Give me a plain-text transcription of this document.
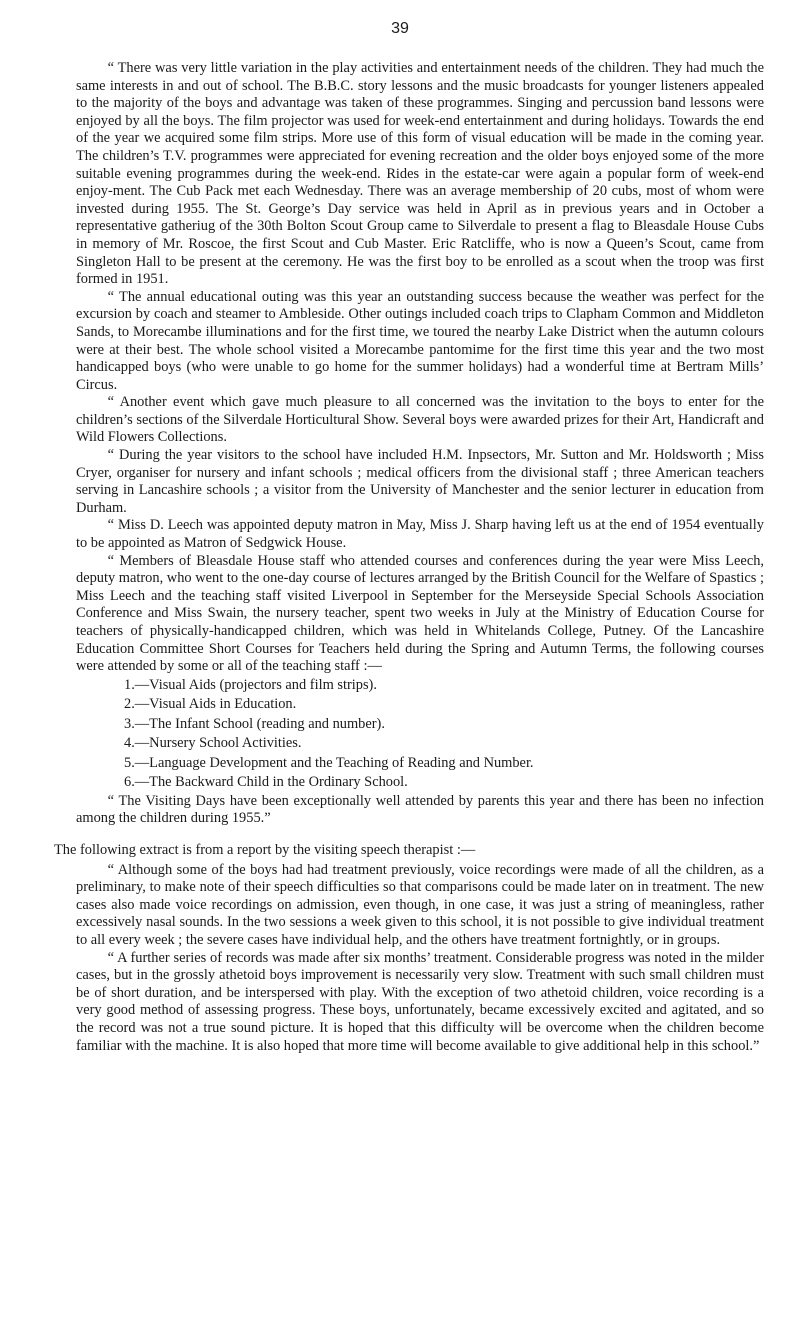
39

“ There was very little variation in the play activities and entertainment needs of the children. They had much the same interests in and out of school. The B.B.C. story lessons and the music broadcasts for younger listeners appealed to the majority of the boys and advantage was taken of these programmes. Singing and percussion band lessons were enjoyed by all the boys. The film projector was used for week-end entertainment and during holidays. Towards the end of the year we acquired some film strips. More use of this form of visual education will be made in the coming year. The children’s T.V. programmes were appreciated for evening recreation and the older boys enjoyed some of the more suitable evening programmes during the week-end. Rides in the estate-car were again a popular form of week-end enjoy-ment. The Cub Pack met each Wednesday. There was an average membership of 20 cubs, most of whom were invested during 1955. The St. George’s Day service was held in April as in previous years and in October a representative gatheriug of the 30th Bolton Scout Group came to Silverdale to present a flag to Bleasdale House Cubs in memory of Mr. Roscoe, the first Scout and Cub Master. Eric Ratcliffe, who is now a Queen’s Scout, came from Singleton Hall to be present at the ceremony. He was the first boy to be enrolled as a scout when the troop was first formed in 1951.

“ The annual educational outing was this year an outstanding success because the weather was perfect for the excursion by coach and steamer to Ambleside. Other outings included coach trips to Clapham Common and Middleton Sands, to Morecambe illuminations and for the first time, we toured the nearby Lake District when the autumn colours were at their best. The whole school visited a Morecambe pantomime for the first time this year and the two most handicapped boys (who were unable to go home for the summer holidays) had a wonderful time at Bertram Mills’ Circus.

“ Another event which gave much pleasure to all concerned was the invitation to the boys to enter for the children’s sections of the Silverdale Horticultural Show. Several boys were awarded prizes for their Art, Handicraft and Wild Flowers Collections.

“ During the year visitors to the school have included H.M. Inpsectors, Mr. Sutton and Mr. Holdsworth ; Miss Cryer, organiser for nursery and infant schools ; medical officers from the divisional staff ; three American teachers serving in Lancashire schools ; a visitor from the University of Manchester and the senior lecturer in education from Durham.

“ Miss D. Leech was appointed deputy matron in May, Miss J. Sharp having left us at the end of 1954 eventually to be appointed as Matron of Sedgwick House.

“ Members of Bleasdale House staff who attended courses and conferences during the year were Miss Leech, deputy matron, who went to the one-day course of lectures arranged by the British Council for the Welfare of Spastics ; Miss Leech and the teaching staff visited Liverpool in September for the Merseyside Special Schools Association Conference and Miss Swain, the nursery teacher, spent two weeks in July at the Ministry of Education Course for teachers of physically-handicapped children, which was held in Whitelands College, Putney. Of the Lancashire Education Committee Short Courses for Teachers held during the Spring and Autumn Terms, the following courses were attended by some or all of the teaching staff :—

1.—Visual Aids (projectors and film strips).
2.—Visual Aids in Education.
3.—The Infant School (reading and number).
4.—Nursery School Activities.
5.—Language Development and the Teaching of Reading and Number.
6.—The Backward Child in the Ordinary School.

“ The Visiting Days have been exceptionally well attended by parents this year and there has been no infection among the children during 1955.”

The following extract is from a report by the visiting speech therapist :—

“ Although some of the boys had had treatment previously, voice recordings were made of all the children, as a preliminary, to make note of their speech difficulties so that comparisons could be made later on in treatment. The new cases also made voice recordings on admission, even though, in one case, it was just a string of meaningless, rather excessively nasal sounds. In the two sessions a week given to this school, it is not possible to give individual treatment to all every week ; the severe cases have individual help, and the others have treatment fortnightly, or in groups.

“ A further series of records was made after six months’ treatment. Considerable progress was noted in the milder cases, but in the grossly athetoid boys improvement is necessarily very slow. Treatment with such small children must be of short duration, and be interspersed with play. With the exception of two athetoid children, voice recording is a very good method of assessing progress. These boys, unfortunately, became excessively excited and agitated, and so the record was not a true sound picture. It is hoped that this difficulty will be overcome when the children become familiar with the machine. It is also hoped that more time will become available to give additional help in this school.”
